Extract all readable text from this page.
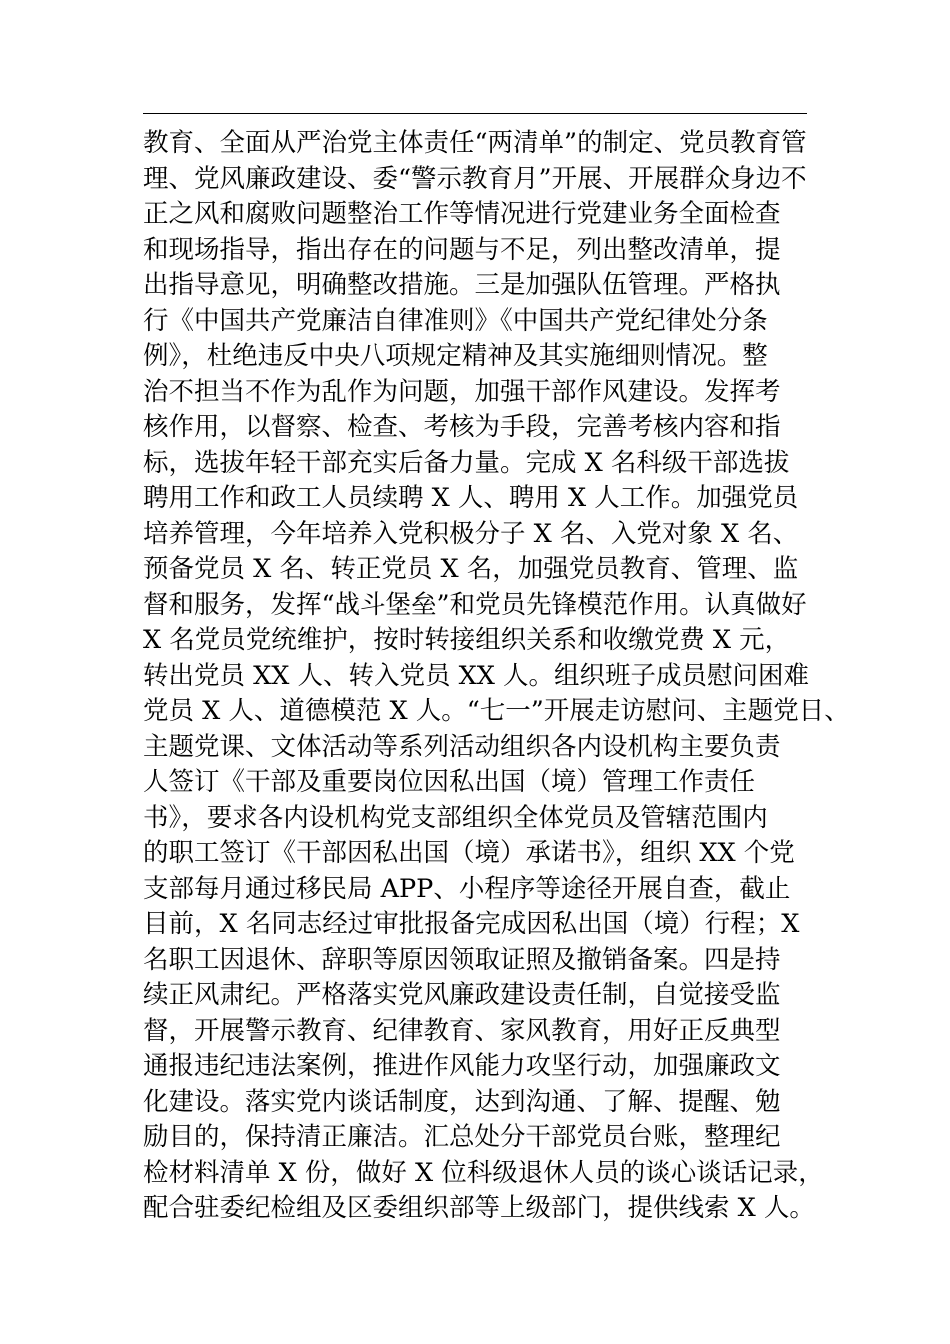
教育、全面从严治党主体责任“两清单”的制定、党员教育管
理、党风廉政建设、委“警示教育月”开展、开展群众身边不
正之风和腐败问题整治工作等情况进行党建业务全面检查
和现场指导，指出存在的问题与不足，列出整改清单，提
出指导意见，明确整改措施。三是加强队伍管理。严格执
行《中国共产党廉洁自律准则》《中国共产党纪律处分条
例》，杜绝违反中央八项规定精神及其实施细则情况。整
治不担当不作为乱作为问题，加强干部作风建设。发挥考
核作用，以督察、检查、考核为手段，完善考核内容和指
标，选拔年轻干部充实后备力量。完成 X 名科级干部选拔
聘用工作和政工人员续聘 X 人、聘用 X 人工作。加强党员
培养管理，今年培养入党积极分子 X 名、入党对象 X 名、
预备党员 X 名、转正党员 X 名，加强党员教育、管理、监
督和服务，发挥“战斗堡垒”和党员先锋模范作用。认真做好
X 名党员党统维护，按时转接组织关系和收缴党费 X 元，
转出党员 XX 人、转入党员 XX 人。组织班子成员慰问困难
党员 X 人、道德模范 X 人。“七一”开展走访慰问、主题党日、
主题党课、文体活动等系列活动组织各内设机构主要负责
人签订《干部及重要岗位因私出国（境）管理工作责任
书》，要求各内设机构党支部组织全体党员及管辖范围内
的职工签订《干部因私出国（境）承诺书》，组织 XX 个党
支部每月通过移民局 APP、小程序等途径开展自查，截止
目前，X 名同志经过审批报备完成因私出国（境）行程；X
名职工因退休、辞职等原因领取证照及撤销备案。四是持
续正风肃纪。严格落实党风廉政建设责任制，自觉接受监
督，开展警示教育、纪律教育、家风教育，用好正反典型
通报违纪违法案例，推进作风能力攻坚行动，加强廉政文
化建设。落实党内谈话制度，达到沟通、了解、提醒、勉
励目的，保持清正廉洁。汇总处分干部党员台账，整理纪
检材料清单 X 份，做好 X 位科级退休人员的谈心谈话记录，
配合驻委纪检组及区委组织部等上级部门，提供线索 X 人。
